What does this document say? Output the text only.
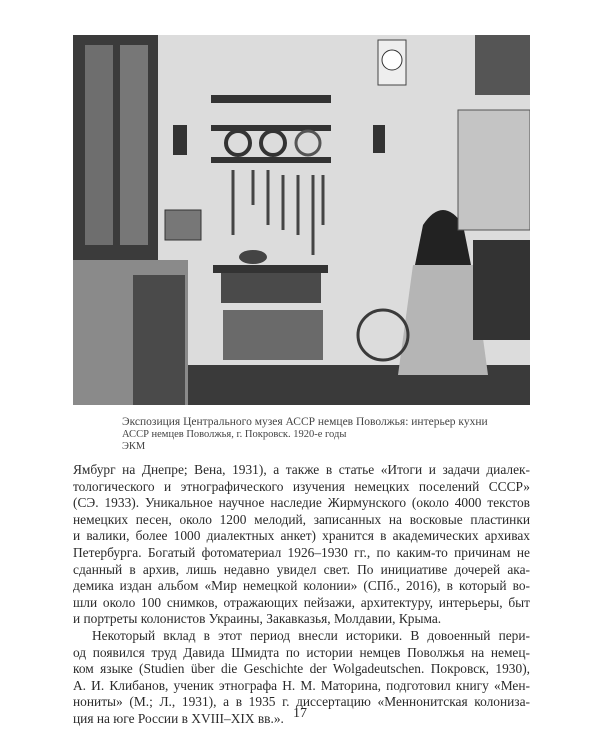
Экспозиция Центрального музея АССР немцев Поволжья: интерьер кухни
АССР немцев Поволжья, г. Покровск. 1920-е годы
ЭКМ

Ямбург на Днепре; Вена, 1931), а также в статье «Итоги и задачи диалек-
тологического и этнографического изучения немецких поселений СССР»
(СЭ. 1933). Уникальное научное наследие Жирмунского (около 4000 текстов
немецких песен, около 1200 мелодий, записанных на восковые пластинки
и валики, более 1000 диалектных анкет) хранится в академических архивах
Петербурга. Богатый фотоматериал 1926–1930 гг., по каким-то причинам не
сданный в архив, лишь недавно увидел свет. По инициативе дочерей ака-
демика издан альбом «Мир немецкой колонии» (СПб., 2016), в который во-
шли около 100 снимков, отражающих пейзажи, архитектуру, интерьеры, быт
и портреты колонистов Украины, Закавказья, Молдавии, Крыма.

Некоторый вклад в этот период внесли историки. В довоенный пери-
од появился труд Давида Шмидта по истории немцев Поволжья на немец-
ком языке (Studien über die Geschichte der Wolgadeutschen. Покровск, 1930),
А. И. Клибанов, ученик этнографа Н. М. Маторина, подготовил книгу «Мен-
нониты» (М.; Л., 1931), а в 1935 г. диссертацию «Меннонитская колониза-
ция на юге России в XVIII–XIX вв.». 17
